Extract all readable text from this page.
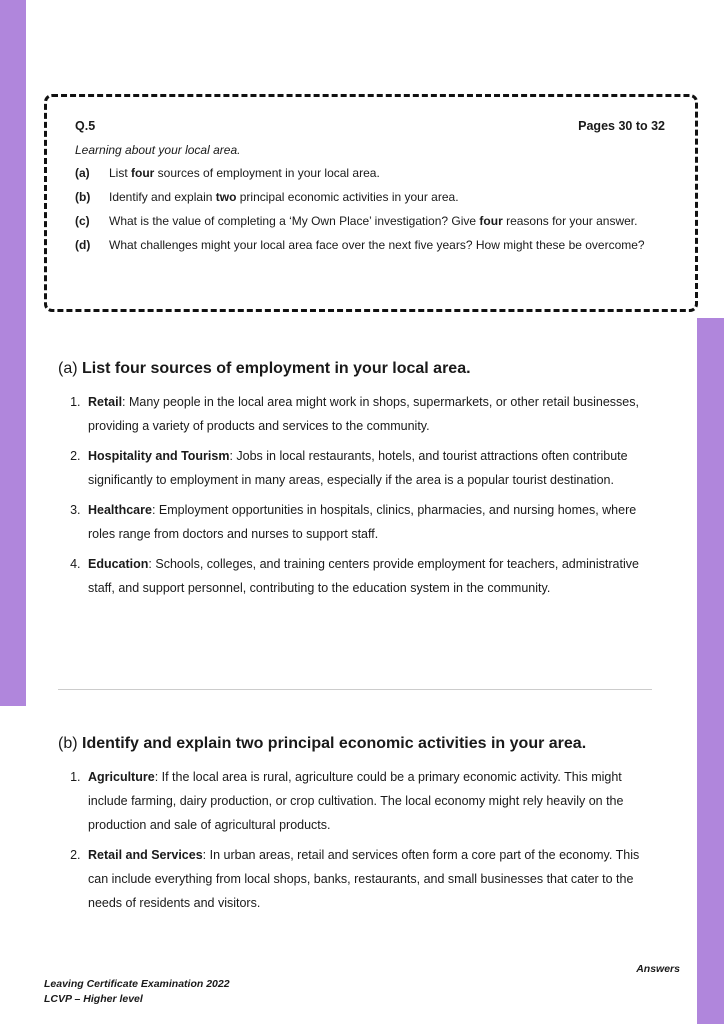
Q.5	Pages 30 to 32
Learning about your local area.
(a)	List four sources of employment in your local area.
(b)	Identify and explain two principal economic activities in your area.
(c)	What is the value of completing a ‘My Own Place’ investigation? Give four reasons for your answer.
(d)	What challenges might your local area face over the next five years? How might these be overcome?
(a) List four sources of employment in your local area.
1. Retail: Many people in the local area might work in shops, supermarkets, or other retail businesses, providing a variety of products and services to the community.
2. Hospitality and Tourism: Jobs in local restaurants, hotels, and tourist attractions often contribute significantly to employment in many areas, especially if the area is a popular tourist destination.
3. Healthcare: Employment opportunities in hospitals, clinics, pharmacies, and nursing homes, where roles range from doctors and nurses to support staff.
4. Education: Schools, colleges, and training centers provide employment for teachers, administrative staff, and support personnel, contributing to the education system in the community.
(b) Identify and explain two principal economic activities in your area.
1. Agriculture: If the local area is rural, agriculture could be a primary economic activity. This might include farming, dairy production, or crop cultivation. The local economy might rely heavily on the production and sale of agricultural products.
2. Retail and Services: In urban areas, retail and services often form a core part of the economy. This can include everything from local shops, banks, restaurants, and small businesses that cater to the needs of residents and visitors.
Answers
Leaving Certificate Examination 2022
LCVP – Higher level
